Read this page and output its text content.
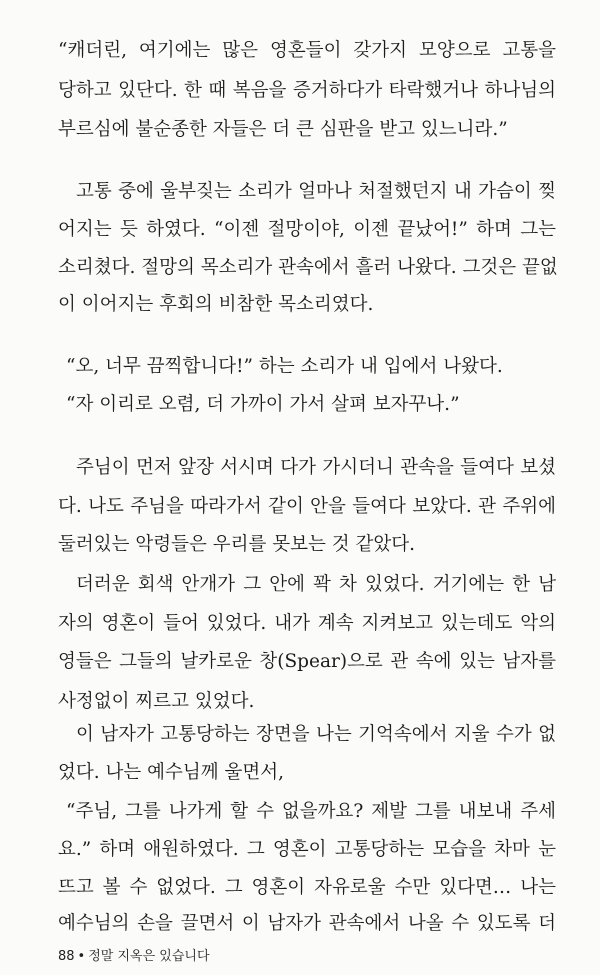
“캐더린, 여기에는 많은 영혼들이 갖가지 모양으로 고통을
당하고 있단다. 한 때 복음을 증거하다가 타락했거나 하나님의
부르심에 불순종한 자들은 더 큰 심판을 받고 있느니라.”
고통 중에 울부짖는 소리가 얼마나 처절했던지 내 가슴이 찢
어지는 듯 하였다. “이젠 절망이야, 이젠 끝났어!” 하며 그는
소리쳤다. 절망의 목소리가 관속에서 흘러 나왔다. 그것은 끝없
이 이어지는 후회의 비참한 목소리였다.
“오, 너무 끔찍합니다!” 하는 소리가 내 입에서 나왔다.
“자 이리로 오렴, 더 가까이 가서 살펴 보자꾸나.”
주님이 먼저 앞장 서시며 다가 가시더니 관속을 들여다 보셨
다. 나도 주님을 따라가서 같이 안을 들여다 보았다. 관 주위에
둘러있는 악령들은 우리를 못보는 것 같았다.
더러운 회색 안개가 그 안에 꽉 차 있었다. 거기에는 한 남
자의 영혼이 들어 있었다. 내가 계속 지켜보고 있는데도 악의
영들은 그들의 날카로운 창(Spear)으로 관 속에 있는 남자를
사정없이 찌르고 있었다.
이 남자가 고통당하는 장면을 나는 기억속에서 지울 수가 없
었다. 나는 예수님께 울면서,
“주님, 그를 나가게 할 수 없을까요? 제발 그를 내보내 주세
요.” 하며 애원하였다. 그 영혼이 고통당하는 모습을 차마 눈
뜨고 볼 수 없었다. 그 영혼이 자유로울 수만 있다면… 나는
88 • 정말 지옥은 있습니다
예수님의 손을 끌면서 이 남자가 관속에서 나올 수 있도록 더
